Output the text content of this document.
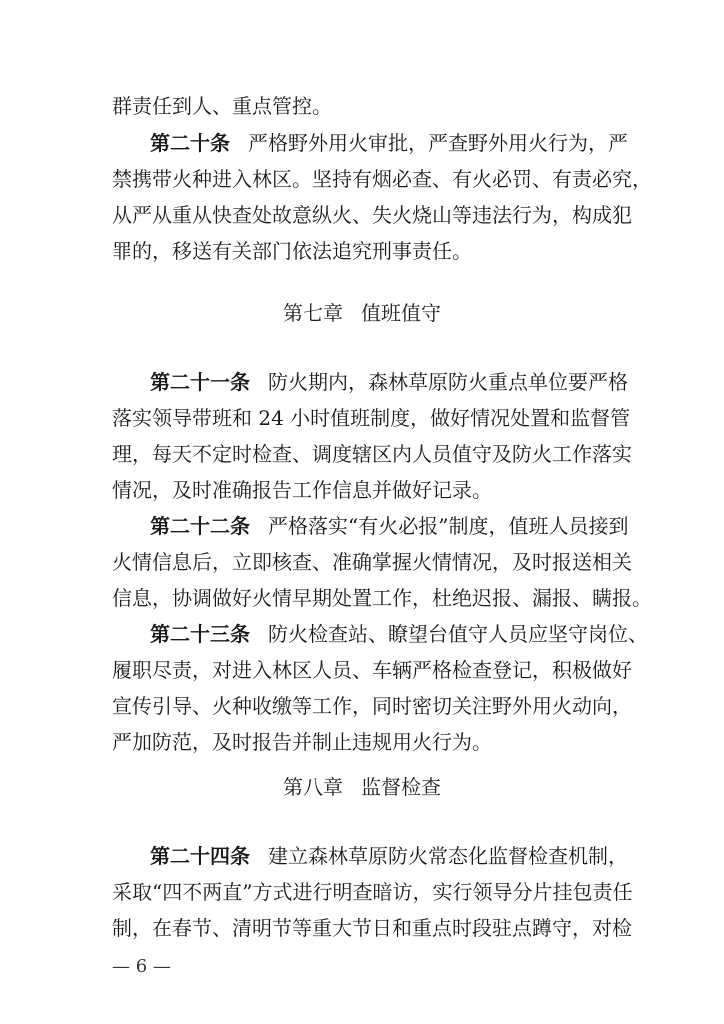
群责任到人、重点管控。
第二十条 严格野外用火审批，严查野外用火行为，严
禁携带火种进入林区。坚持有烟必查、有火必罚、有责必究，
从严从重从快查处故意纵火、失火烧山等违法行为，构成犯
罪的，移送有关部门依法追究刑事责任。
第七章 值班值守
第二十一条 防火期内，森林草原防火重点单位要严格
落实领导带班和 24 小时值班制度，做好情况处置和监督管
理，每天不定时检查、调度辖区内人员值守及防火工作落实
情况，及时准确报告工作信息并做好记录。
第二十二条 严格落实“有火必报”制度，值班人员接到
火情信息后，立即核查、准确掌握火情情况，及时报送相关
信息，协调做好火情早期处置工作，杜绝迟报、漏报、瞒报。
第二十三条 防火检查站、瞭望台值守人员应坚守岗位、
履职尽责，对进入林区人员、车辆严格检查登记，积极做好
宣传引导、火种收缴等工作，同时密切关注野外用火动向，
严加防范，及时报告并制止违规用火行为。
第八章 监督检查
第二十四条 建立森林草原防火常态化监督检查机制，
采取“四不两直”方式进行明查暗访，实行领导分片挂包责任
制，在春节、清明节等重大节日和重点时段驻点蹲守，对检
— 6 —
